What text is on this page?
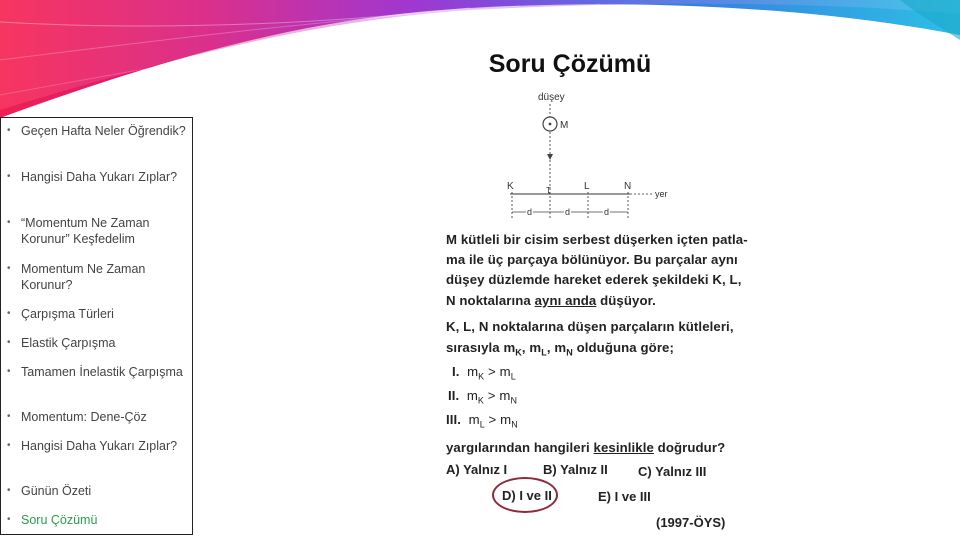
Soru Çözümü
• Geçen Hafta Neler Öğrendik?
• Hangisi Daha Yukarı Zıplar?
• “Momentum Ne Zaman Korunur” Keşfedelim
• Momentum Ne Zaman Korunur?
• Çarpışma Türleri
• Elastik Çarpışma
• Tamamen İnelastik Çarpışma
• Momentum: Dene-Çöz
• Hangisi Daha Yukarı Zıplar?
• Günün Özeti
• Soru Çözümü
düşey
M
yer
K	L	N
Ҭ
d	d	d
M kütleli bir cisim serbest düşerken içten patla-
ma ile üç parçaya bölünüyor. Bu parçalar aynı
düşey düzlemde hareket ederek şekildeki K, L,
N noktalarına aynı anda düşüyor.
K, L, N noktalarına düşen parçaların kütleleri,
sırasıyla $m_K$, $m_L$, $m_N$ olduğuna göre;
I. $m_K > m_L$
II. $m_K > m_N$
III. $m_L > m_N$
yargılarından hangileri kesinlikle doğrudur?
A) Yalnız I	B) Yalnız II C) Yalnız III
D) I ve II	E) I ve III
(1997-ÖYS)
